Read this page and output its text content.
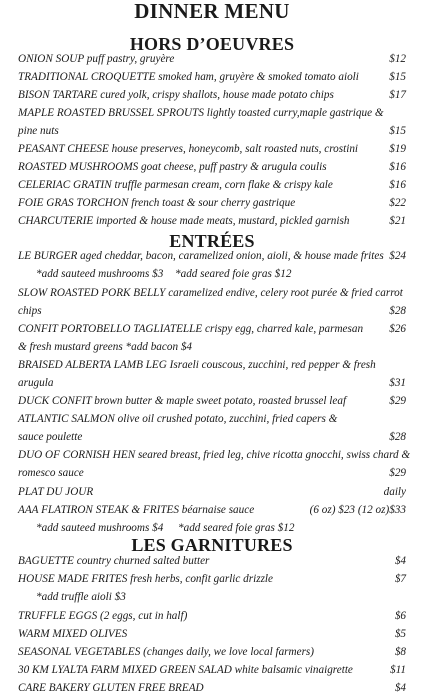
DINNER MENU
HORS D’OEUVRES
ONION SOUP puff pastry, gruyère	$12
TRADITIONAL CROQUETTE smoked ham, gruyère & smoked tomato aioli	$15
BISON TARTARE cured yolk, crispy shallots, house made potato chips	$17
MAPLE ROASTED BRUSSEL SPROUTS lightly toasted curry,maple gastrique &
pine nuts	$15
PEASANT CHEESE house preserves, honeycomb, salt roasted nuts, crostini	$19
ROASTED MUSHROOMS goat cheese, puff pastry & arugula coulis	$16
CELERIAC GRATIN truffle parmesan cream, corn flake & crispy kale	$16
FOIE GRAS TORCHON french toast & sour cherry gastrique	$22
CHARCUTERIE imported & house made meats, mustard, pickled garnish	$21
ENTRÉES
LE BURGER aged cheddar, bacon, caramelized onion, aioli, & house made frites $24
*add sauteed mushrooms $3 *add seared foie gras $12
SLOW ROASTED PORK BELLY caramelized endive, celery root purée & fried carrot
chips	$28
CONFIT PORTOBELLO TAGLIATELLE crispy egg, charred kale, parmesan $26
& fresh mustard greens *add bacon $4
BRAISED ALBERTA LAMB LEG Israeli couscous, zucchini, red pepper & fresh
arugula	$31
DUCK CONFIT brown butter & maple sweet potato, roasted brussel leaf	$29
ATLANTIC SALMON olive oil crushed potato, zucchini, fried capers &
sauce poulette	$28
DUO OF CORNISH HEN seared breast, fried leg, chive ricotta gnocchi, swiss chard &
romesco sauce	$29
PLAT DU JOUR	daily
AAA FLATIRON STEAK & FRITES béarnaise sauce	(6 oz) $23 (12 oz)$33
*add sauteed mushrooms $4 *add seared foie gras $12
LES GARNITURES
BAGUETTE country churned salted butter	$4
HOUSE MADE FRITES fresh herbs, confit garlic drizzle	$7
*add truffle aioli $3
TRUFFLE EGGS (2 eggs, cut in half)	$6
WARM MIXED OLIVES	$5
SEASONAL VEGETABLES (changes daily, we love local farmers)	$8
30 KM LYALTA FARM MIXED GREEN SALAD white balsamic vinaigrette	$11
CARE BAKERY GLUTEN FREE BREAD	$4
